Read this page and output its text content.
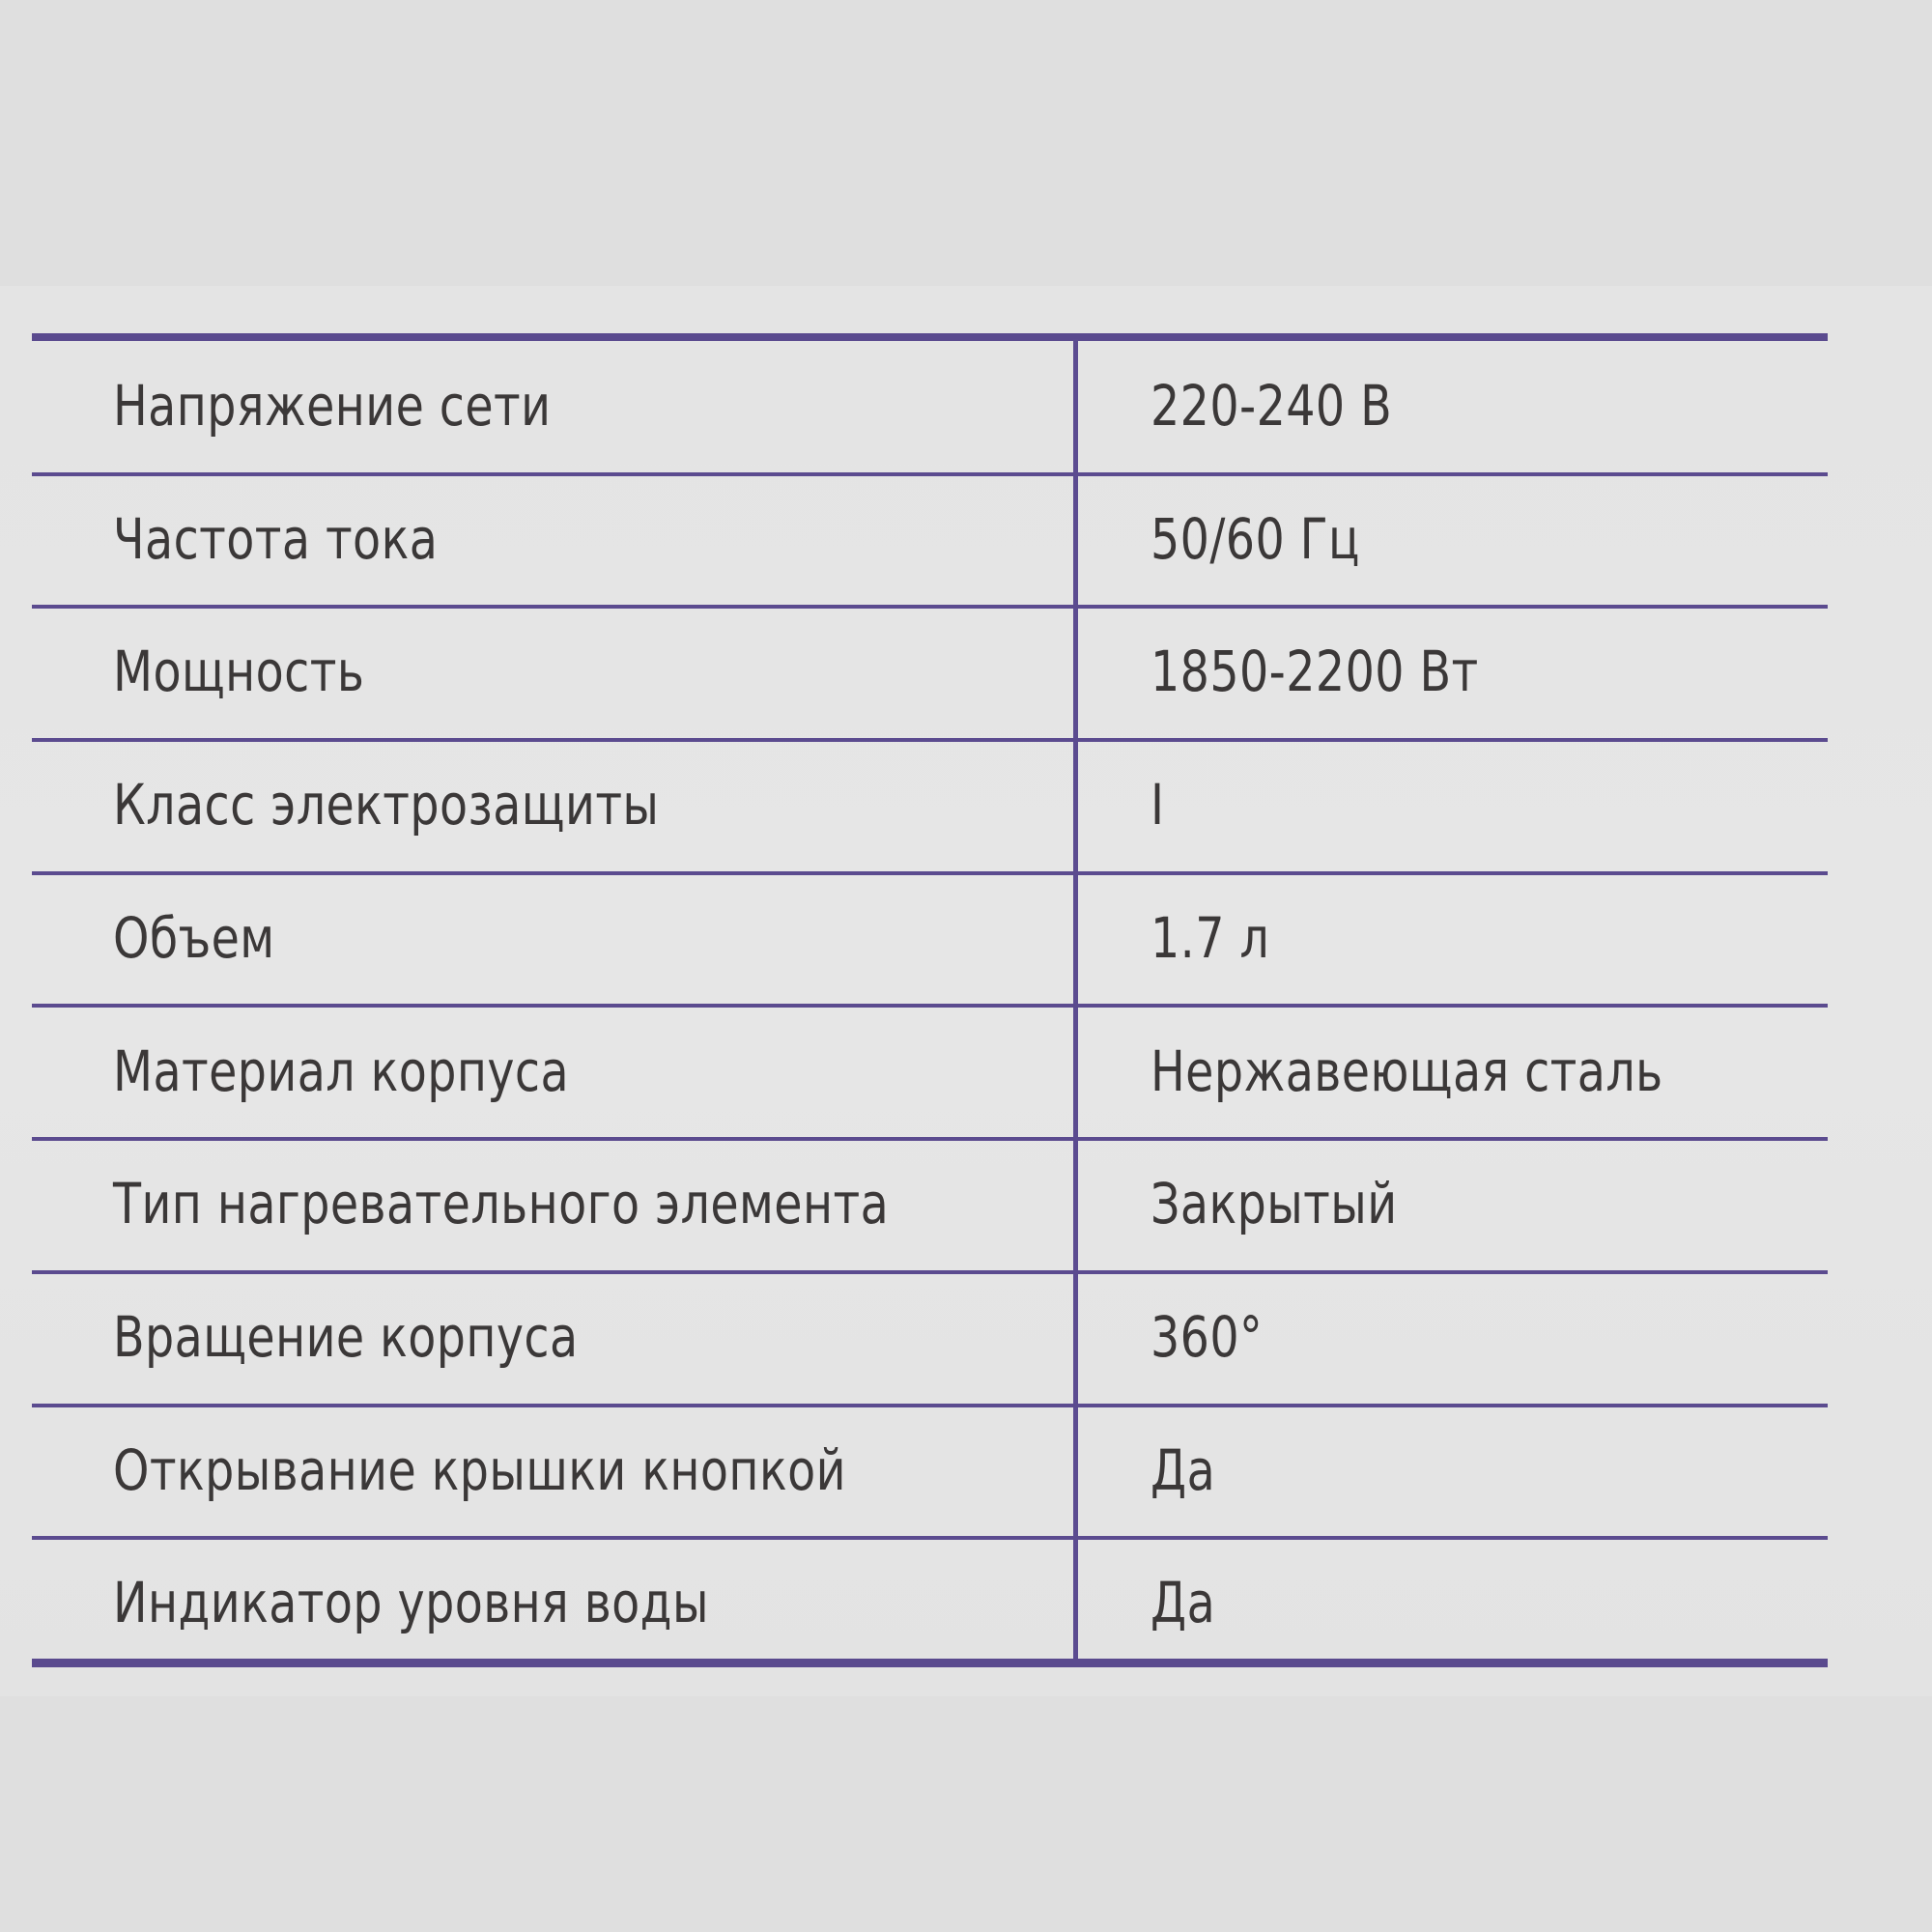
Напряжение сети	220-240 В
Частота тока	50/60 Гц
Мощность	1850-2200 Вт
Класс электрозащиты	I
Объем	1.7 л
Материал корпуса	Нержавеющая сталь
Тип нагревательного элемента	Закрытый
Вращение корпуса	360°
Открывание крышки кнопкой	Да
Индикатор уровня воды	Да
